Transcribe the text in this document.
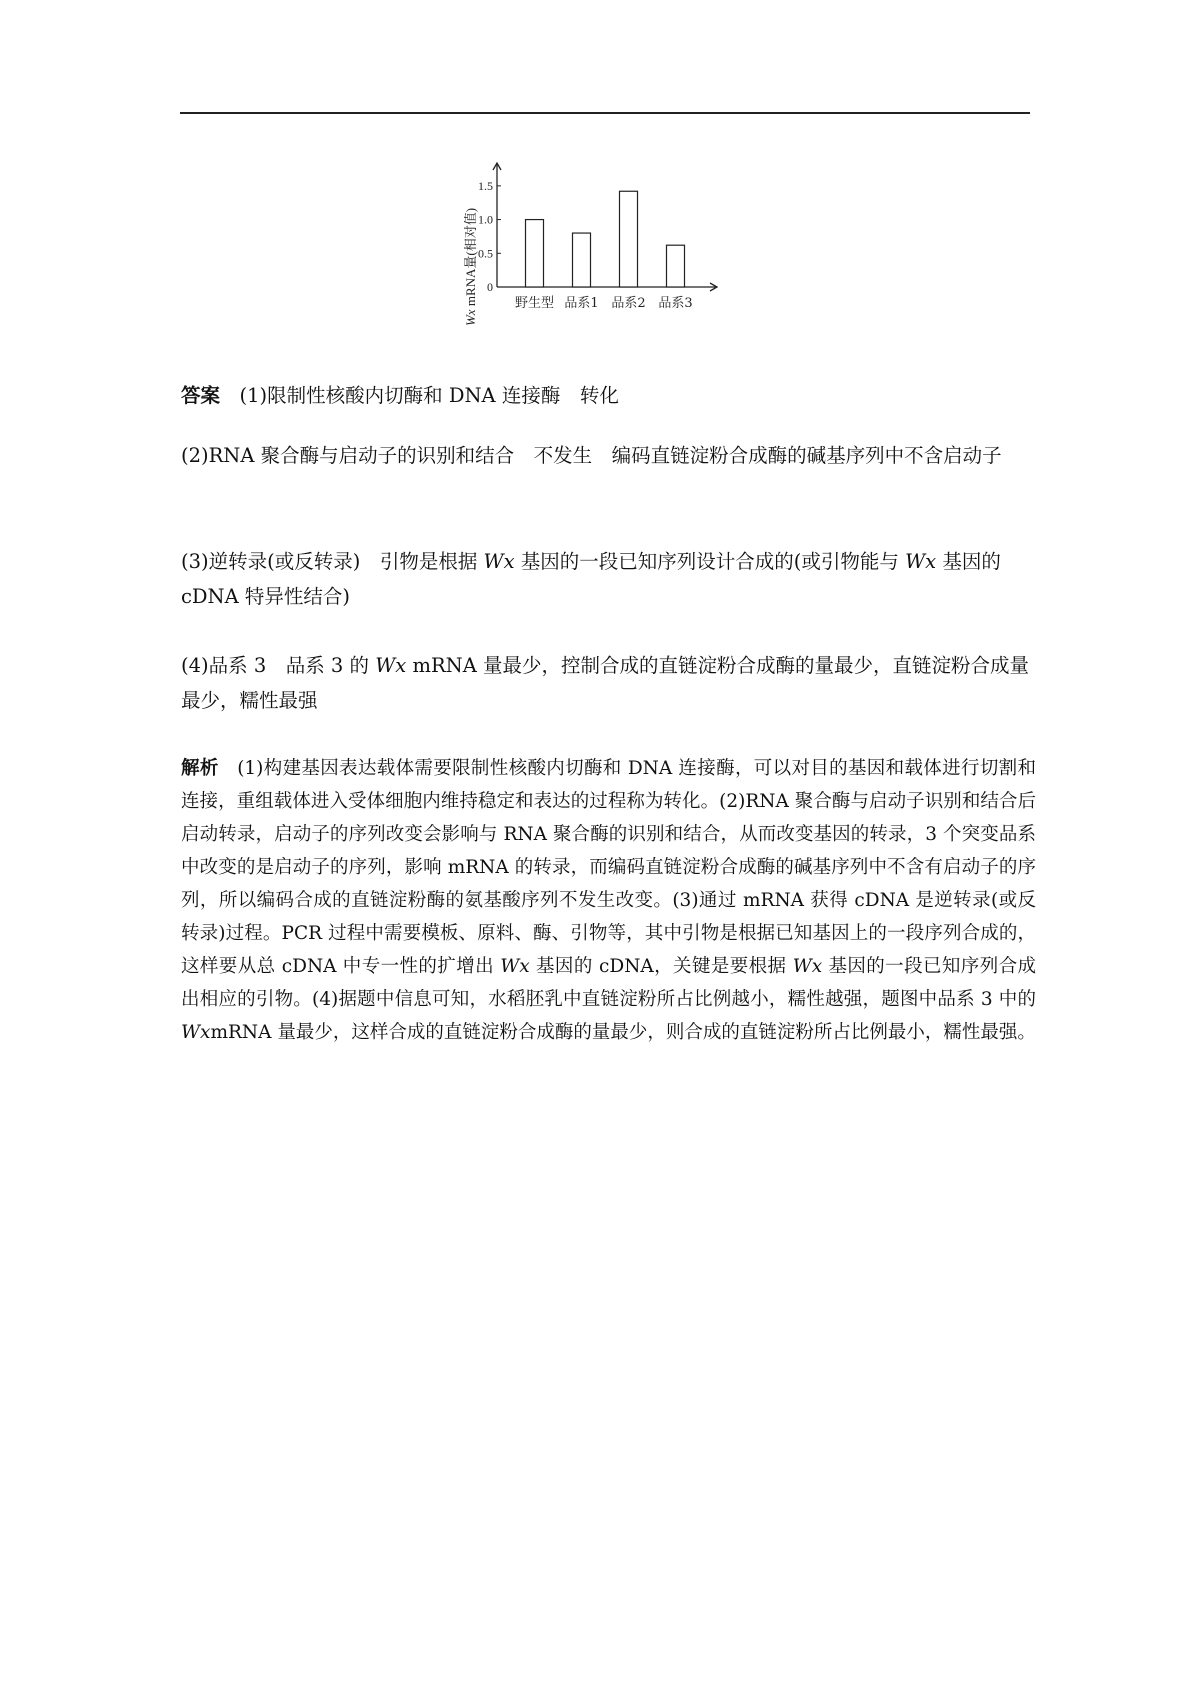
Wx mRNA量(相对值) 0
0.5
1.0
1.5
野生型 品系1 品系2 品系3

答案  (1)限制性核酸内切酶和 DNA 连接酶　转化

(2)RNA 聚合酶与启动子的识别和结合　不发生　编码直链淀粉合成酶的碱基序列中不含启动子

(3)逆转录(或反转录)　引物是根据 Wx 基因的一段已知序列设计合成的(或引物能与 Wx 基因的 cDNA 特异性结合)

(4)品系 3　品系 3 的 Wx mRNA 量最少，控制合成的直链淀粉合成酶的量最少，直链淀粉合成量最少，糯性最强

解析  (1)构建基因表达载体需要限制性核酸内切酶和 DNA 连接酶，可以对目的基因和载体进行切割和连接，重组载体进入受体细胞内维持稳定和表达的过程称为转化。(2)RNA 聚合酶与启动子识别和结合后启动转录，启动子的序列改变会影响与 RNA 聚合酶的识别和结合，从而改变基因的转录，3 个突变品系中改变的是启动子的序列，影响 mRNA 的转录，而编码直链淀粉合成酶的碱基序列中不含有启动子的序列，所以编码合成的直链淀粉酶的氨基酸序列不发生改变。(3)通过 mRNA 获得 cDNA 是逆转录(或反转录)过程。PCR 过程中需要模板、原料、酶、引物等，其中引物是根据已知基因上的一段序列合成的，这样要从总 cDNA 中专一性的扩增出 Wx 基因的 cDNA，关键是要根据 Wx 基因的一段已知序列合成出相应的引物。(4)据题中信息可知，水稻胚乳中直链淀粉所占比例越小，糯性越强，题图中品系 3 中的 WxmRNA 量最少，这样合成的直链淀粉合成酶的量最少，则合成的直链淀粉所占比例最小，糯性最强。
